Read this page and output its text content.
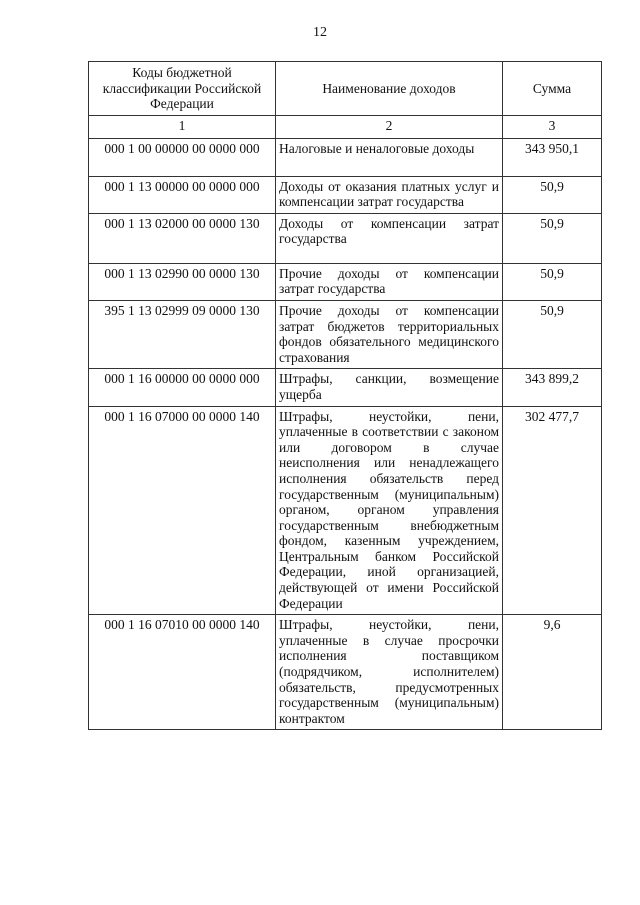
12
Коды бюджетной классификации Российской Федерации	Наименование доходов	Сумма
1	2	3
000 1 00 00000 00 0000 000	Налоговые и неналоговые доходы	343 950,1
000 1 13 00000 00 0000 000	Доходы от оказания платных услуг и компенсации затрат государства	50,9
000 1 13 02000 00 0000 130	Доходы от компенсации затрат государства	50,9
000 1 13 02990 00 0000 130	Прочие доходы от компенсации затрат государства	50,9
395 1 13 02999 09 0000 130	Прочие доходы от компенсации затрат бюджетов территориальных фондов обязательного медицинского страхования	50,9
000 1 16 00000 00 0000 000	Штрафы, санкции, возмещение ущерба	343 899,2
000 1 16 07000 00 0000 140	Штрафы, неустойки, пени, уплаченные в соответствии с законом или договором в случае неисполнения или ненадлежащего исполнения обязательств перед государственным (муниципальным) органом, органом управления государственным внебюджетным фондом, казенным учреждением, Центральным банком Российской Федерации, иной организацией, действующей от имени Российской Федерации	302 477,7
000 1 16 07010 00 0000 140	Штрафы, неустойки, пени, уплаченные в случае просрочки исполнения поставщиком (подрядчиком, исполнителем) обязательств, предусмотренных государственным (муниципальным) контрактом	9,6
